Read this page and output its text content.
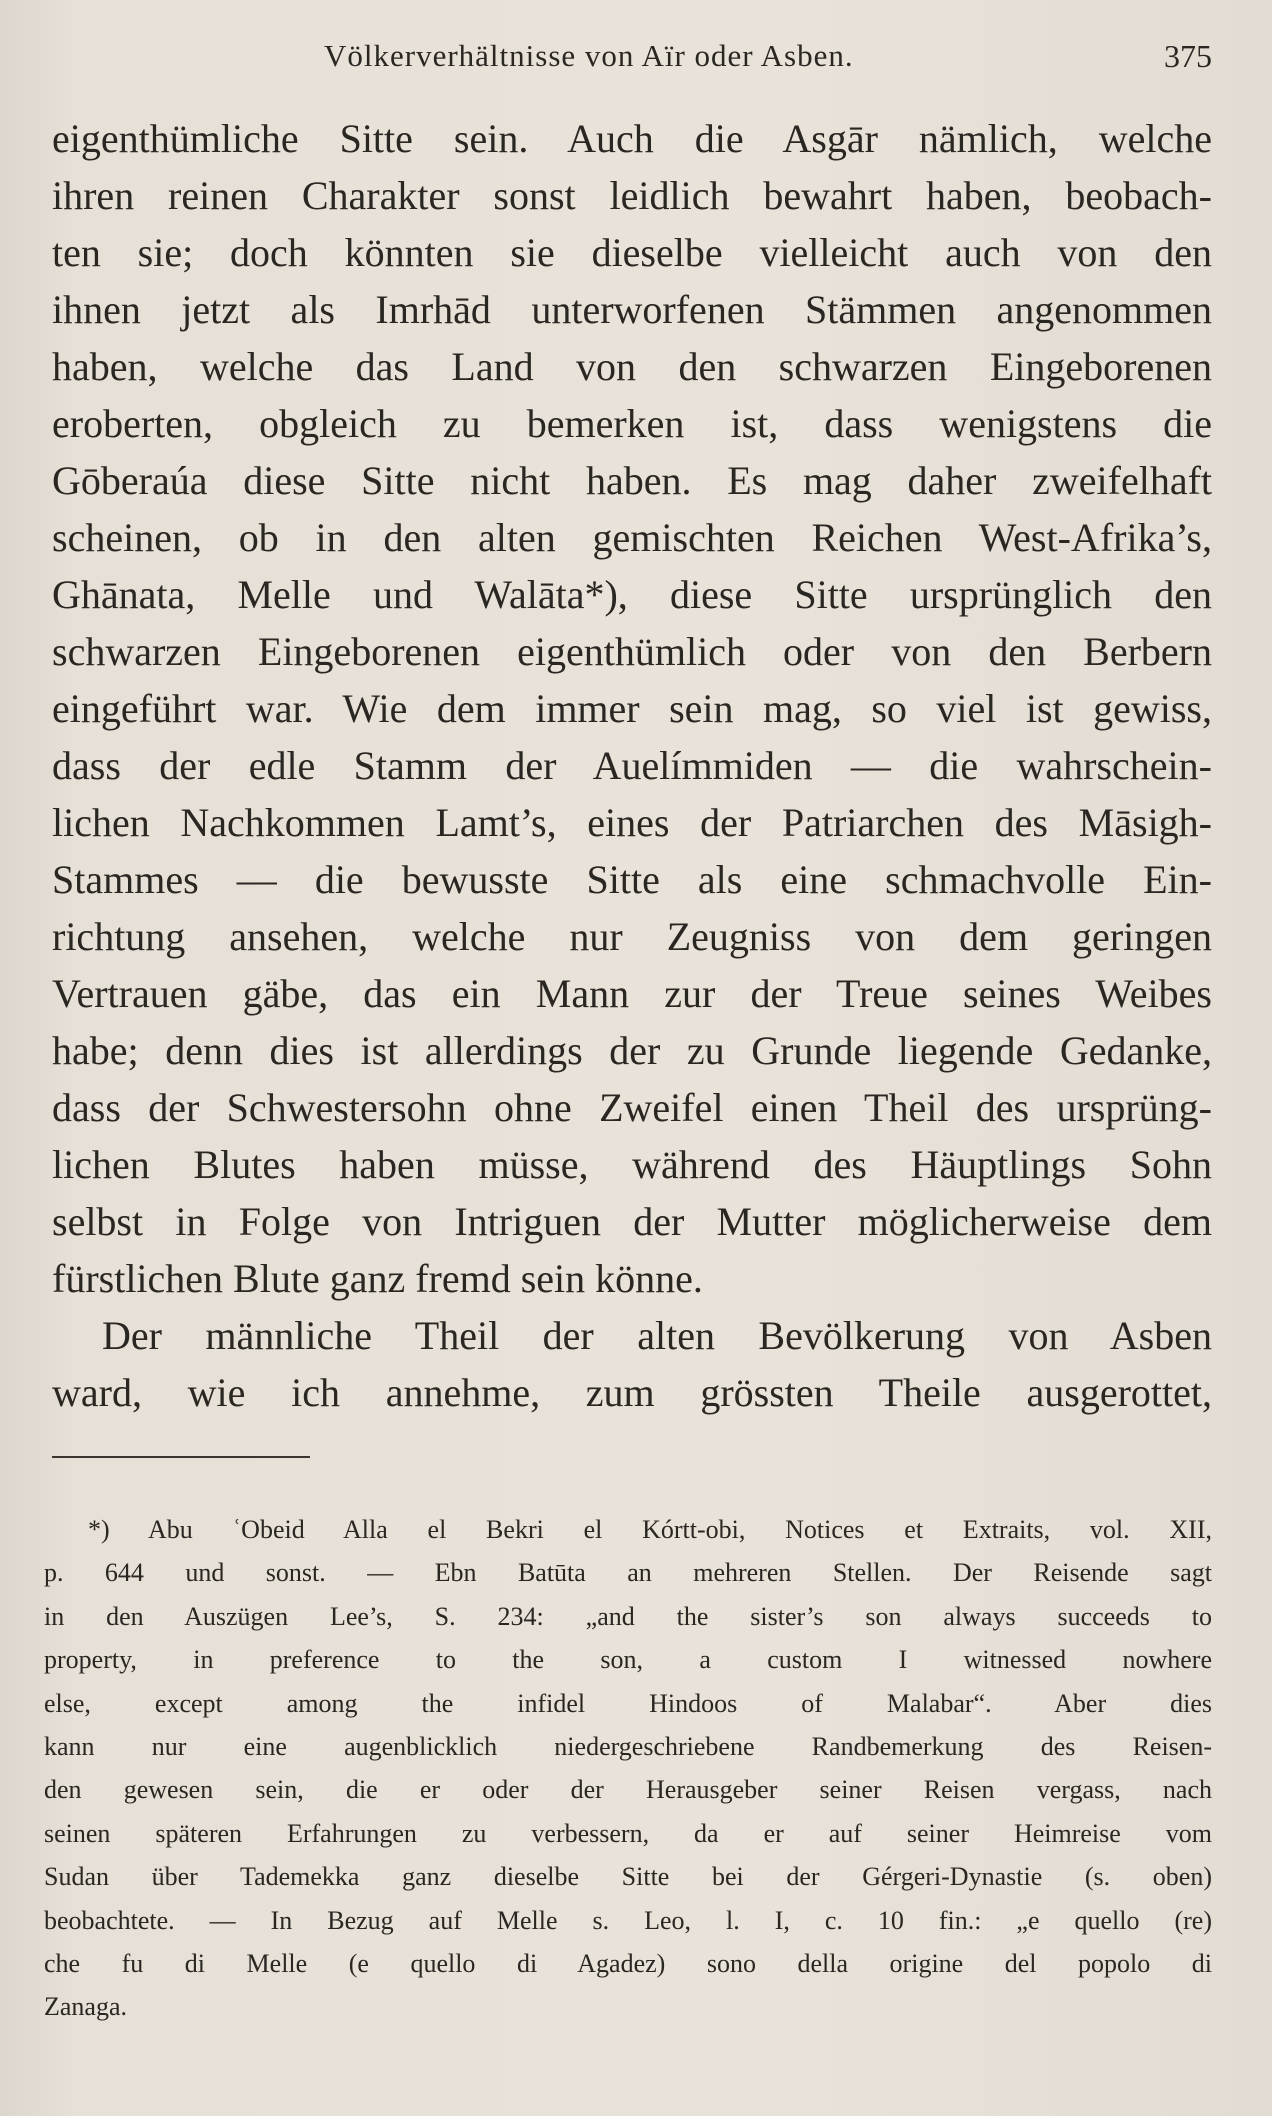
Völkerverhältnisse von Aïr oder Asben.	375
eigenthümliche Sitte sein. Auch die Asgār nämlich, welche
ihren reinen Charakter sonst leidlich bewahrt haben, beobach-
ten sie; doch könnten sie dieselbe vielleicht auch von den
ihnen jetzt als Imrhād unterworfenen Stämmen angenommen
haben, welche das Land von den schwarzen Eingeborenen
eroberten, obgleich zu bemerken ist, dass wenigstens die
Gōberaúa diese Sitte nicht haben. Es mag daher zweifelhaft
scheinen, ob in den alten gemischten Reichen West-Afrika’s,
Ghānata, Melle und Walāta*), diese Sitte ursprünglich den
schwarzen Eingeborenen eigenthümlich oder von den Berbern
eingeführt war. Wie dem immer sein mag, so viel ist gewiss,
dass der edle Stamm der Auelímmiden — die wahrschein-
lichen Nachkommen Lamt’s, eines der Patriarchen des Māsigh-
Stammes — die bewusste Sitte als eine schmachvolle Ein-
richtung ansehen, welche nur Zeugniss von dem geringen
Vertrauen gäbe, das ein Mann zur der Treue seines Weibes
habe; denn dies ist allerdings der zu Grunde liegende Gedanke,
dass der Schwestersohn ohne Zweifel einen Theil des ursprüng-
lichen Blutes haben müsse, während des Häuptlings Sohn
selbst in Folge von Intriguen der Mutter möglicherweise dem
fürstlichen Blute ganz fremd sein könne.
Der männliche Theil der alten Bevölkerung von Asben
ward, wie ich annehme, zum grössten Theile ausgerottet,
*) Abu ʿObeid Alla el Bekri el Kórtt-obi, Notices et Extraits, vol. XII,
p. 644 und sonst. — Ebn Batūta an mehreren Stellen. Der Reisende sagt
in den Auszügen Lee’s, S. 234: „and the sister’s son always succeeds to
property, in preference to the son, a custom I witnessed nowhere
else, except among the infidel Hindoos of Malabar“. Aber dies
kann nur eine augenblicklich niedergeschriebene Randbemerkung des Reisen-
den gewesen sein, die er oder der Herausgeber seiner Reisen vergass, nach
seinen späteren Erfahrungen zu verbessern, da er auf seiner Heimreise vom
Sudan über Tademekka ganz dieselbe Sitte bei der Gérgeri-Dynastie (s. oben)
beobachtete. — In Bezug auf Melle s. Leo, l. I, c. 10 fin.: „e quello (re)
che fu di Melle (e quello di Agadez) sono della origine del popolo di
Zanaga.
